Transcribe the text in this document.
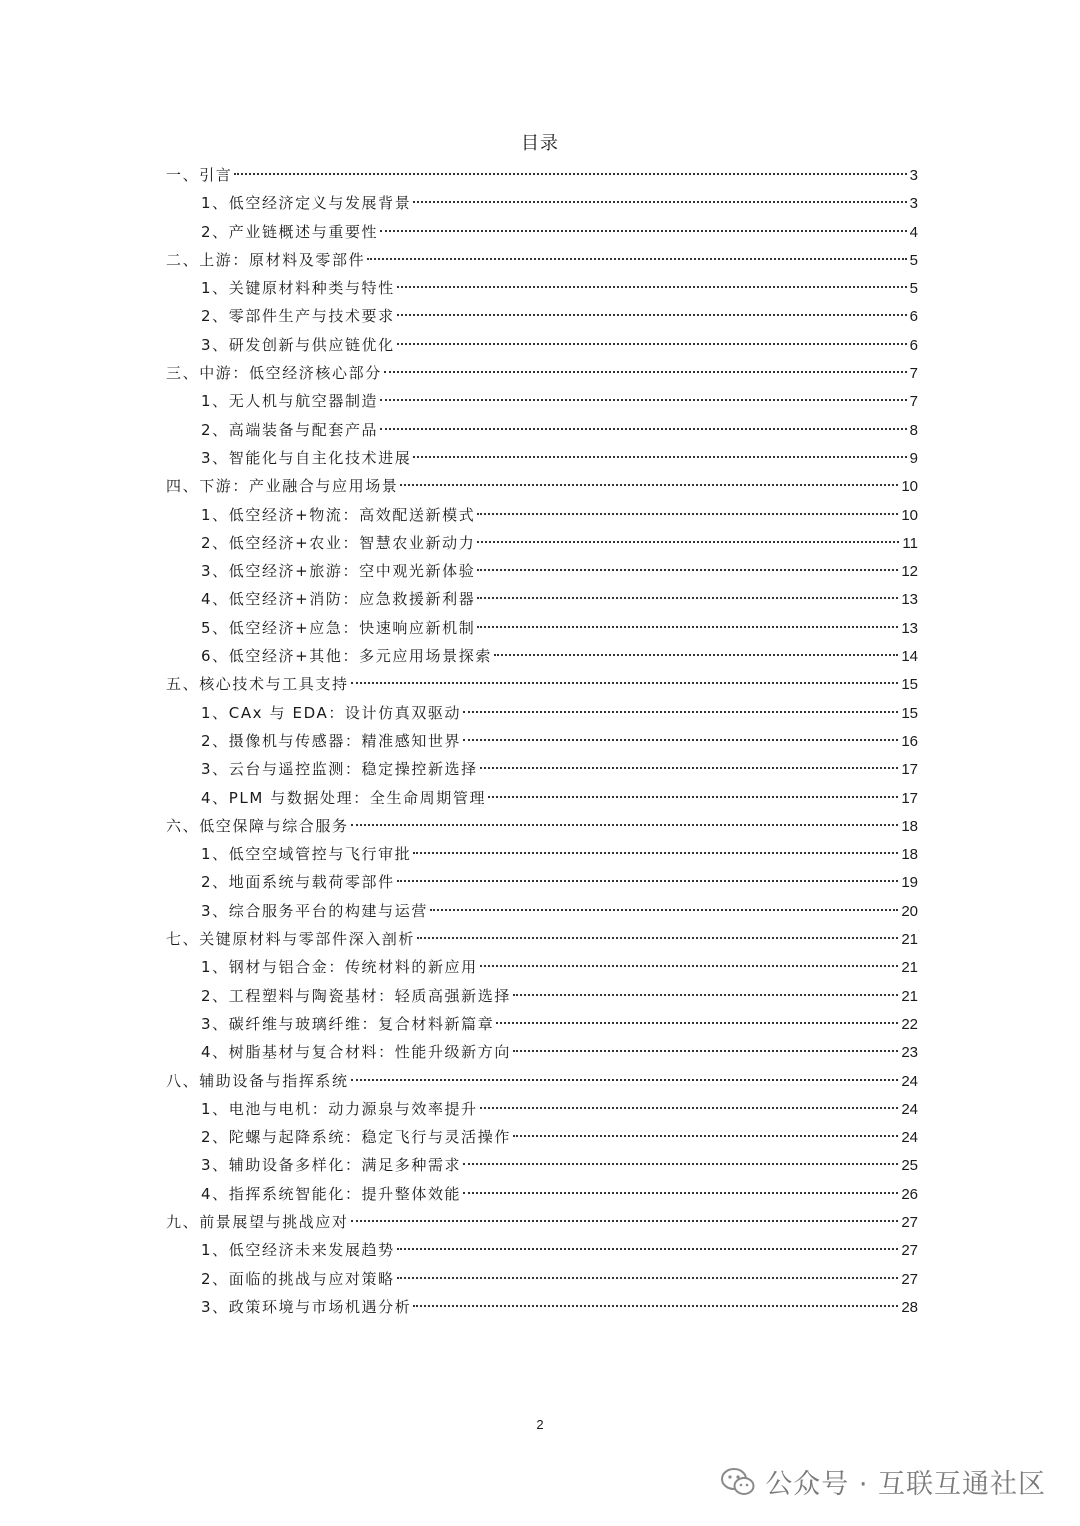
目录
一、引言	3
1、低空经济定义与发展背景	3
2、产业链概述与重要性	4
二、上游：原材料及零部件	5
1、关键原材料种类与特性	5
2、零部件生产与技术要求	6
3、研发创新与供应链优化	6
三、中游：低空经济核心部分	7
1、无人机与航空器制造	7
2、高端装备与配套产品	8
3、智能化与自主化技术进展	9
四、下游：产业融合与应用场景	10
1、低空经济+物流：高效配送新模式	10
2、低空经济+农业：智慧农业新动力	11
3、低空经济+旅游：空中观光新体验	12
4、低空经济+消防：应急救援新利器	13
5、低空经济+应急：快速响应新机制	13
6、低空经济+其他：多元应用场景探索	14
五、核心技术与工具支持	15
1、CAx 与 EDA：设计仿真双驱动	15
2、摄像机与传感器：精准感知世界	16
3、云台与遥控监测：稳定操控新选择	17
4、PLM 与数据处理：全生命周期管理	17
六、低空保障与综合服务	18
1、低空空域管控与飞行审批	18
2、地面系统与载荷零部件	19
3、综合服务平台的构建与运营	20
七、关键原材料与零部件深入剖析	21
1、钢材与铝合金：传统材料的新应用	21
2、工程塑料与陶瓷基材：轻质高强新选择	21
3、碳纤维与玻璃纤维：复合材料新篇章	22
4、树脂基材与复合材料：性能升级新方向	23
八、辅助设备与指挥系统	24
1、电池与电机：动力源泉与效率提升	24
2、陀螺与起降系统：稳定飞行与灵活操作	24
3、辅助设备多样化：满足多种需求	25
4、指挥系统智能化：提升整体效能	26
九、前景展望与挑战应对	27
1、低空经济未来发展趋势	27
2、面临的挑战与应对策略	27
3、政策环境与市场机遇分析	28
2
公众号 · 互联互通社区
